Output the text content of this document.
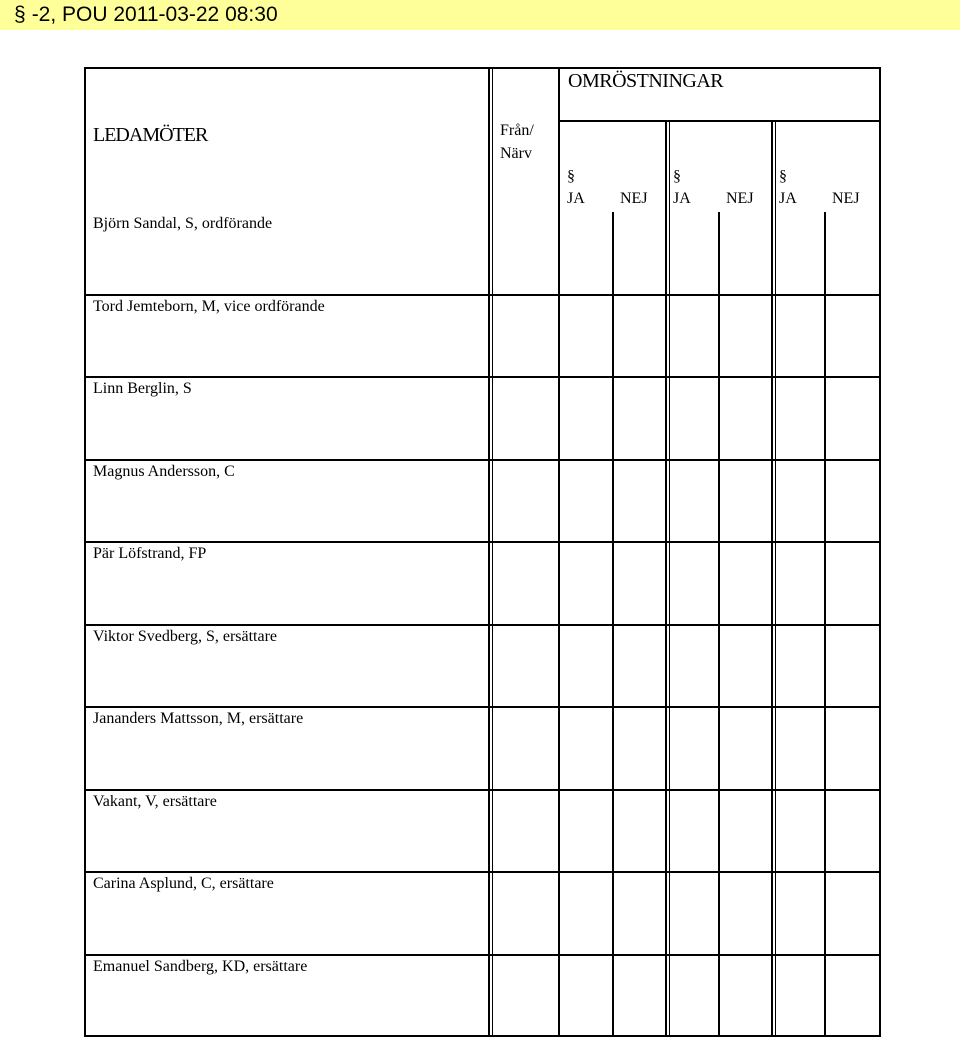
§ -2, POU 2011-03-22 08:30
LEDAMÖTER	Från/
Närv
OMRÖSTNINGAR
§
JA NEJ
§
JA NEJ
§
JA NEJ
Björn Sandal, S, ordförande
Tord Jemteborn, M, vice ordförande
Linn Berglin, S
Magnus Andersson, C
Pär Löfstrand, FP
Viktor Svedberg, S, ersättare
Jananders Mattsson, M, ersättare
Vakant, V, ersättare
Carina Asplund, C, ersättare
Emanuel Sandberg, KD, ersättare
